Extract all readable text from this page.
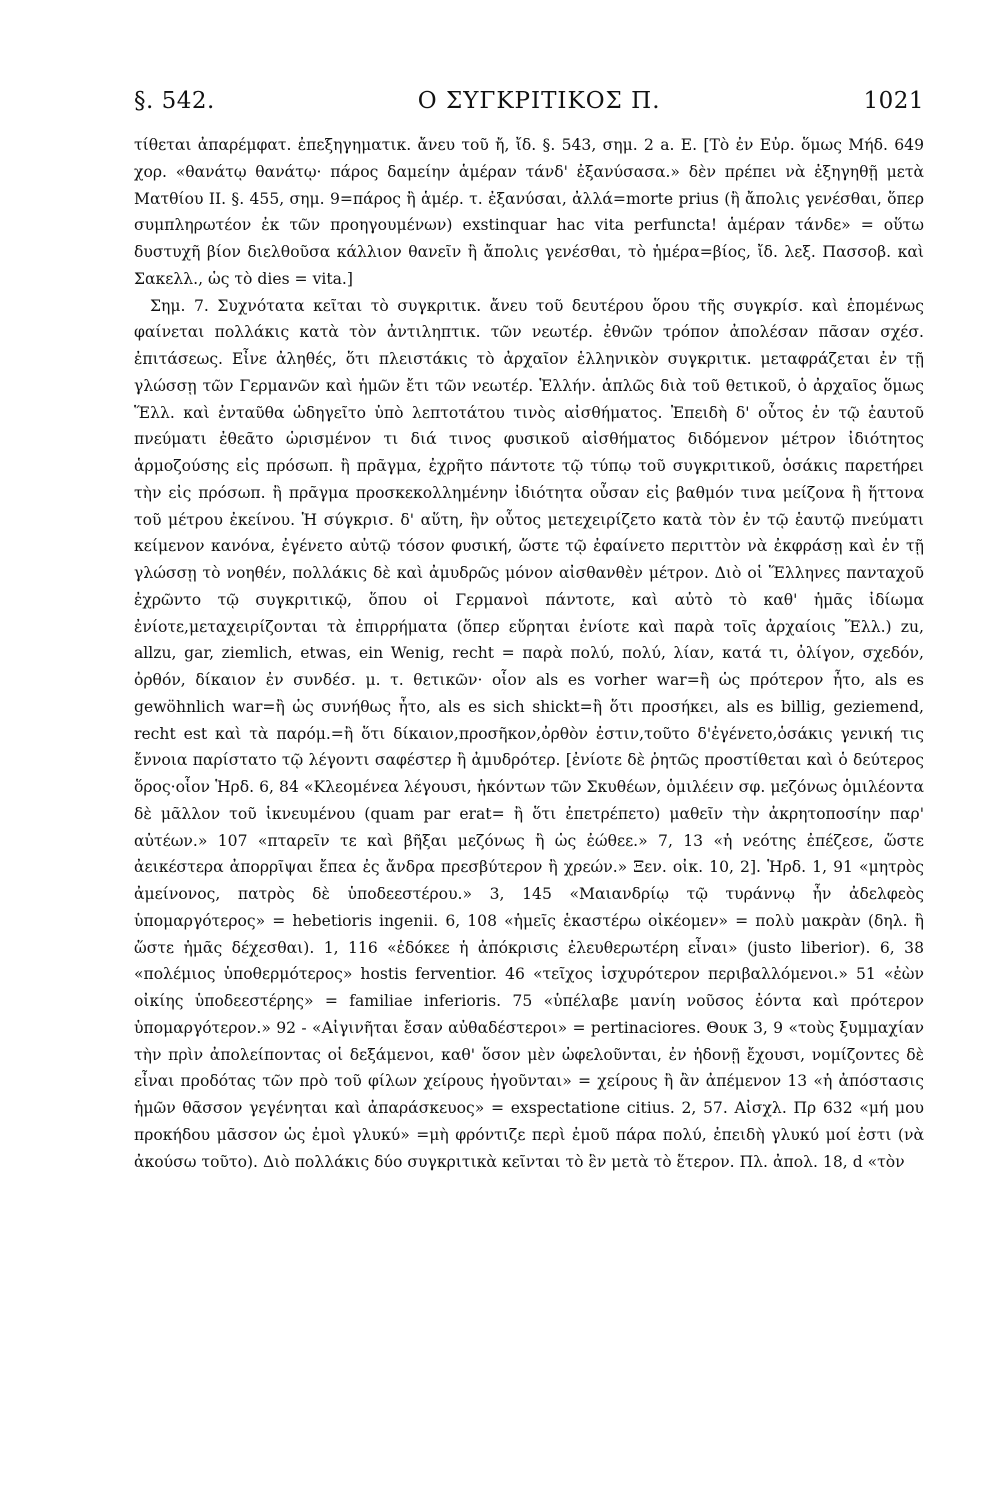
§. 542.	Ο ΣΥΓΚΡΙΤΙΚΟΣ Π.	1021

τίθεται ἀπαρέμφατ. ἐπεξηγηματικ. ἄνευ τοῦ ἤ, ἴδ. §. 543, σημ. 2 a. E. [Τὸ ἐν Εὐρ. ὅμως Μήδ. 649 χορ. «θανάτῳ θανάτῳ· πάρος δαμείην ἁμέραν τάνδ' ἐξανύσασα.» δὲν πρέπει νὰ ἐξηγηθῇ μετὰ Ματθίου ΙΙ. §. 455, σημ. 9=πάρος ἢ ἁμέρ. τ. ἐξανύσαι, ἀλλά=morte prius (ἢ ἄπολις γενέσθαι, ὅπερ συμπληρωτέον ἐκ τῶν προηγουμένων) exstinquar hac vita perfuncta! ἁμέραν τάνδε» = οὕτω δυστυχῆ βίον διελθοῦσα κάλλιον θανεῖν ἢ ἄπολις γενέσθαι, τὸ ἡμέρα=βίος, ἴδ. λεξ. Πασσοβ. καὶ Σακελλ., ὡς τὸ dies = vita.]

Σημ. 7. Συχνότατα κεῖται τὸ συγκριτικ. ἄνευ τοῦ δευτέρου ὅρου τῆς συγκρίσ. καὶ ἑπομένως φαίνεται πολλάκις κατὰ τὸν ἀντιληπτικ. τῶν νεωτέρ. ἐθνῶν τρόπον ἀπολέσαν πᾶσαν σχέσ. ἐπιτάσεως. Εἶνε ἀληθές, ὅτι πλειστάκις τὸ ἀρχαῖον ἑλληνικὸν συγκριτικ. μεταφράζεται ἐν τῇ γλώσσῃ τῶν Γερμανῶν καὶ ἡμῶν ἔτι τῶν νεωτέρ. Ἑλλήν. ἁπλῶς διὰ τοῦ θετικοῦ, ὁ ἀρχαῖος ὅμως Ἕλλ. καὶ ἐνταῦθα ὡδηγεῖτο ὑπὸ λεπτοτάτου τινὸς αἰσθήματος. Ἐπειδὴ δ' οὗτος ἐν τῷ ἑαυτοῦ πνεύματι ἐθεᾶτο ὡρισμένον τι διά τινος φυσικοῦ αἰσθήματος διδόμενον μέτρον ἰδιότητος ἁρμοζούσης εἰς πρόσωπ. ἢ πρᾶγμα, ἐχρῆτο πάντοτε τῷ τύπῳ τοῦ συγκριτικοῦ, ὁσάκις παρετήρει τὴν εἰς πρόσωπ. ἢ πρᾶγμα προσκεκολλημένην ἰδιότητα οὖσαν εἰς βαθμόν τινα μείζονα ἢ ἥττονα τοῦ μέτρου ἐκείνου. Ἡ σύγκρισ. δ' αὕτη, ἣν οὗτος μετεχειρίζετο κατὰ τὸν ἐν τῷ ἑαυτῷ πνεύματι κείμενον κανόνα, ἐγένετο αὐτῷ τόσον φυσική, ὥστε τῷ ἐφαίνετο περιττὸν νὰ ἐκφράσῃ καὶ ἐν τῇ γλώσσῃ τὸ νοηθέν, πολλάκις δὲ καὶ ἀμυδρῶς μόνον αἰσθανθὲν μέτρον. Διὸ οἱ Ἕλληνες πανταχοῦ ἐχρῶντο τῷ συγκριτικῷ, ὅπου οἱ Γερμανοὶ πάντοτε, καὶ αὐτὸ τὸ καθ' ἡμᾶς ἰδίωμα ἐνίοτε,μεταχειρίζονται τὰ ἐπιρρήματα (ὅπερ εὕρηται ἐνίοτε καὶ παρὰ τοῖς ἀρχαίοις Ἕλλ.) zu, allzu, gar, ziemlich, etwas, ein Wenig, recht = παρὰ πολύ, πολύ, λίαν, κατά τι, ὀλίγον, σχεδόν, ὀρθόν, δίκαιον ἐν συνδέσ. μ. τ. θετικῶν· οἷον als es vorher war=ἢ ὡς πρότερον ἦτο, als es gewöhnlich war=ἢ ὡς συνήθως ἦτο, als es sich shickt=ἢ ὅτι προσήκει, als es billig, geziemend, recht est καὶ τὰ παρόμ.=ἢ ὅτι δίκαιον,προσῆκον,ὀρθὸν ἐστιν,τοῦτο δ'ἐγένετο,ὁσάκις γενική τις ἔννοια παρίστατο τῷ λέγοντι σαφέστερ ἢ ἀμυδρότερ. [ἐνίοτε δὲ ῥητῶς προστίθεται καὶ ὁ δεύτερος ὅρος·οἷον Ἡρδ. 6, 84 «Κλεομένεα λέγουσι, ἡκόντων τῶν Σκυθέων, ὁμιλέειν σφ. μεζόνως ὁμιλέοντα δὲ μᾶλλον τοῦ ἱκνευμένου (quam par erat= ἢ ὅτι ἐπετρέπετο) μαθεῖν τὴν ἀκρητοποσίην παρ' αὐτέων.» 107 «πταρεῖν τε καὶ βῆξαι μεζόνως ἢ ὡς ἐώθεε.» 7, 13 «ἡ νεότης ἐπέζεσε, ὥστε ἀεικέστερα ἀπορρῖψαι ἔπεα ἐς ἄνδρα πρεσβύτερον ἢ χρεών.» Ξεν. οἰκ. 10, 2]. Ἡρδ. 1, 91 «μητρὸς ἀμείνονος, πατρὸς δὲ ὑποδεεστέρου.» 3, 145 «Μαιανδρίῳ τῷ τυράννῳ ἦν ἀδελφεὸς ὑπομαργότερος» = hebetioris ingenii. 6, 108 «ἡμεῖς ἑκαστέρω οἰκέομεν» = πολὺ μακρὰν (δηλ. ἢ ὥστε ἡμᾶς δέχεσθαι). 1, 116 «ἐδόκεε ἡ ἀπόκρισις ἐλευθερωτέρη εἶναι» (justo liberior). 6, 38 «πολέμιος ὑποθερμότερος» hostis ferventior. 46 «τεῖχος ἰσχυρότερον περιβαλλόμενοι.» 51 «ἐὼν οἰκίης ὑποδεεστέρης» = familiae inferioris. 75 «ὑπέλαβε μανίη νοῦσος ἐόντα καὶ πρότερον ὑπομαργότερον.» 92 - «Αἰγινῆται ἔσαν αὐθαδέστεροι» = pertinaciores. Θουκ 3, 9 «τοὺς ξυμμαχίαν τὴν πρὶν ἀπολείποντας οἱ δεξάμενοι, καθ' ὅσον μὲν ὠφελοῦνται, ἐν ἡδονῇ ἔχουσι, νομίζοντες δὲ εἶναι προδότας τῶν πρὸ τοῦ φίλων χείρους ἡγοῦνται» = χείρους ἢ ἂν ἀπέμενον 13 «ἡ ἀπόστασις ἡμῶν θᾶσσον γεγένηται καὶ ἀπαράσκευος» = exspectatione citius. 2, 57. Αἰσχλ. Πρ 632 «μή μου προκήδου μᾶσσον ὡς ἐμοὶ γλυκύ» =μὴ φρόντιζε περὶ ἐμοῦ πάρα πολύ, ἐπειδὴ γλυκύ μοί ἐστι (νὰ ἀκούσω τοῦτο). Διὸ πολλάκις δύο συγκριτικὰ κεῖνται τὸ ἓν μετὰ τὸ ἕτερον. Πλ. ἀπολ. 18, d «τὸν
